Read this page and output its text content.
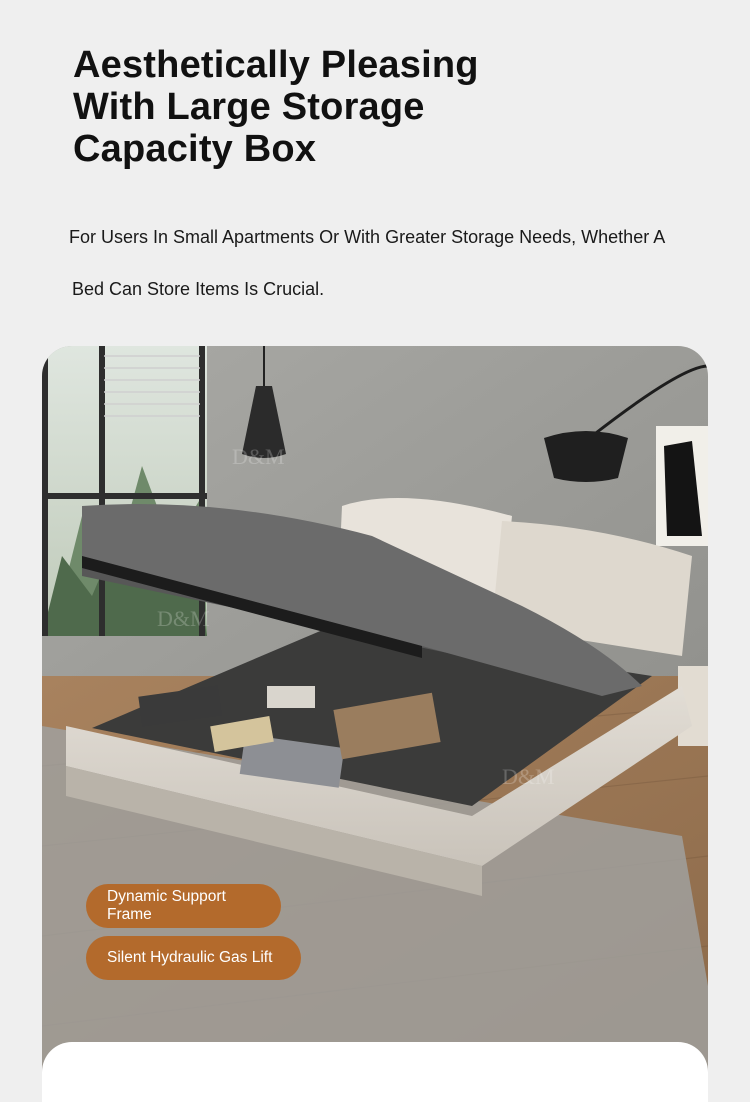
Aesthetically Pleasing
With Large Storage
Capacity Box

For Users In Small Apartments Or With Greater Storage Needs, Whether A
Bed Can Store Items Is Crucial.

D&M
D&M
D&M
Dynamic Support Frame
Silent Hydraulic Gas Lift
